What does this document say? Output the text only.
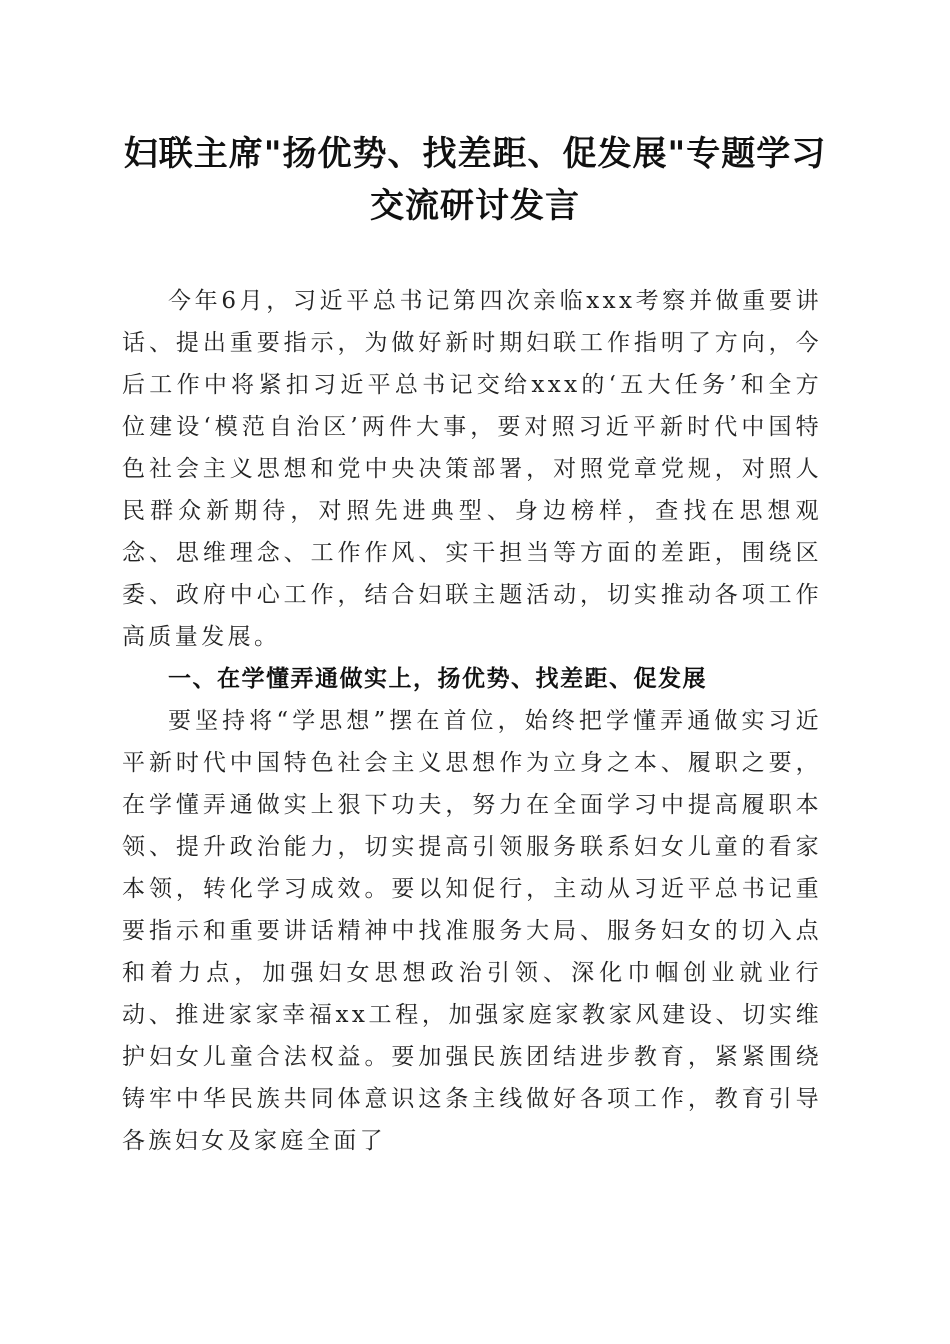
妇联主席"扬优势、找差距、促发展"专题学习交流研讨发言

今年6月，习近平总书记第四次亲临xxx考察并做重要讲话、提出重要指示，为做好新时期妇联工作指明了方向，今后工作中将紧扣习近平总书记交给xxx的‘五大任务’和全方位建设‘模范自治区’两件大事，要对照习近平新时代中国特色社会主义思想和党中央决策部署，对照党章党规，对照人民群众新期待，对照先进典型、身边榜样，查找在思想观念、思维理念、工作作风、实干担当等方面的差距，围绕区委、政府中心工作，结合妇联主题活动，切实推动各项工作高质量发展。

一、在学懂弄通做实上，扬优势、找差距、促发展

要坚持将“学思想”摆在首位，始终把学懂弄通做实习近平新时代中国特色社会主义思想作为立身之本、履职之要，在学懂弄通做实上狠下功夫，努力在全面学习中提高履职本领、提升政治能力，切实提高引领服务联系妇女儿童的看家本领，转化学习成效。要以知促行，主动从习近平总书记重要指示和重要讲话精神中找准服务大局、服务妇女的切入点和着力点，加强妇女思想政治引领、深化巾帼创业就业行动、推进家家幸福xx工程，加强家庭家教家风建设、切实维护妇女儿童合法权益。要加强民族团结进步教育，紧紧围绕铸牢中华民族共同体意识这条主线做好各项工作，教育引导各族妇女及家庭全面了
